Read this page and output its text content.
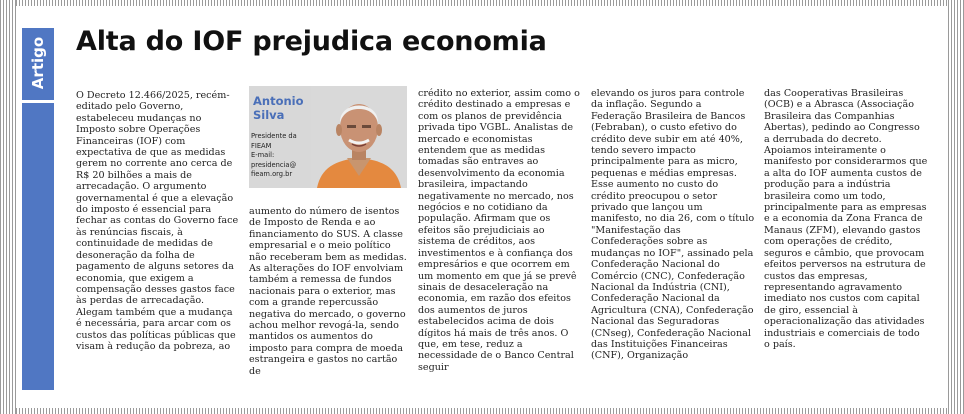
Artigo Alta do IOF prejudica economia

O Decreto 12.466/2025, recém-editado pelo Governo, estabeleceu mudanças no Imposto sobre Operações Financeiras (IOF) com expectativa de que as medidas gerem no corrente ano cerca de R$ 20 bilhões a mais de arrecadação. O argumento governamental é que a elevação do imposto é essencial para fechar as contas do Governo face às renúncias fiscais, à continuidade de medidas de desoneração da folha de pagamento de alguns setores da economia, que exigem a compensação desses gastos face às perdas de arrecadação. Alegam também que a mudança é necessária, para arcar com os custos das políticas públicas que visam à redução da pobreza, ao

Antonio Silva
Presidente da
FIEAM
E-mail:
presidencia@
fieam.org.br

aumento do número de isentos de Imposto de Renda e ao financiamento do SUS. A classe empresarial e o meio político não receberam bem as medidas. As alterações do IOF envolviam também a remessa de fundos nacionais para o exterior, mas com a grande repercussão negativa do mercado, o governo achou melhor revogá-la, sendo mantidos os aumentos do imposto para compra de moeda estrangeira e gastos no cartão de

crédito no exterior, assim como o crédito destinado a empresas e com os planos de previdência privada tipo VGBL. Analistas de mercado e economistas entendem que as medidas tomadas são entraves ao desenvolvimento da economia brasileira, impactando negativamente no mercado, nos negócios e no cotidiano da população. Afirmam que os efeitos são prejudiciais ao sistema de créditos, aos investimentos e à confiança dos empresários e que ocorrem em um momento em que já se prevê sinais de desaceleração na economia, em razão dos efeitos dos aumentos de juros estabelecidos acima de dois dígitos há mais de três anos. O que, em tese, reduz a necessidade de o Banco Central seguir

elevando os juros para controle da inflação. Segundo a Federação Brasileira de Bancos (Febraban), o custo efetivo do crédito deve subir em até 40%, tendo severo impacto principalmente para as micro, pequenas e médias empresas. Esse aumento no custo do crédito preocupou o setor privado que lançou um manifesto, no dia 26, com o título "Manifestação das Confederações sobre as mudanças no IOF", assinado pela Confederação Nacional do Comércio (CNC), Confederação Nacional da Indústria (CNI), Confederação Nacional da Agricultura (CNA), Confederação Nacional das Seguradoras (CNseg), Confederação Nacional das Instituições Financeiras (CNF), Organização

das Cooperativas Brasileiras (OCB) e a Abrasca (Associação Brasileira das Companhias Abertas), pedindo ao Congresso a derrubada do decreto. Apoiamos inteiramente o manifesto por considerarmos que a alta do IOF aumenta custos de produção para a indústria brasileira como um todo, principalmente para as empresas e a economia da Zona Franca de Manaus (ZFM), elevando gastos com operações de crédito, seguros e câmbio, que provocam efeitos perversos na estrutura de custos das empresas, representando agravamento imediato nos custos com capital de giro, essencial à operacionalização das atividades industriais e comerciais de todo o país.
